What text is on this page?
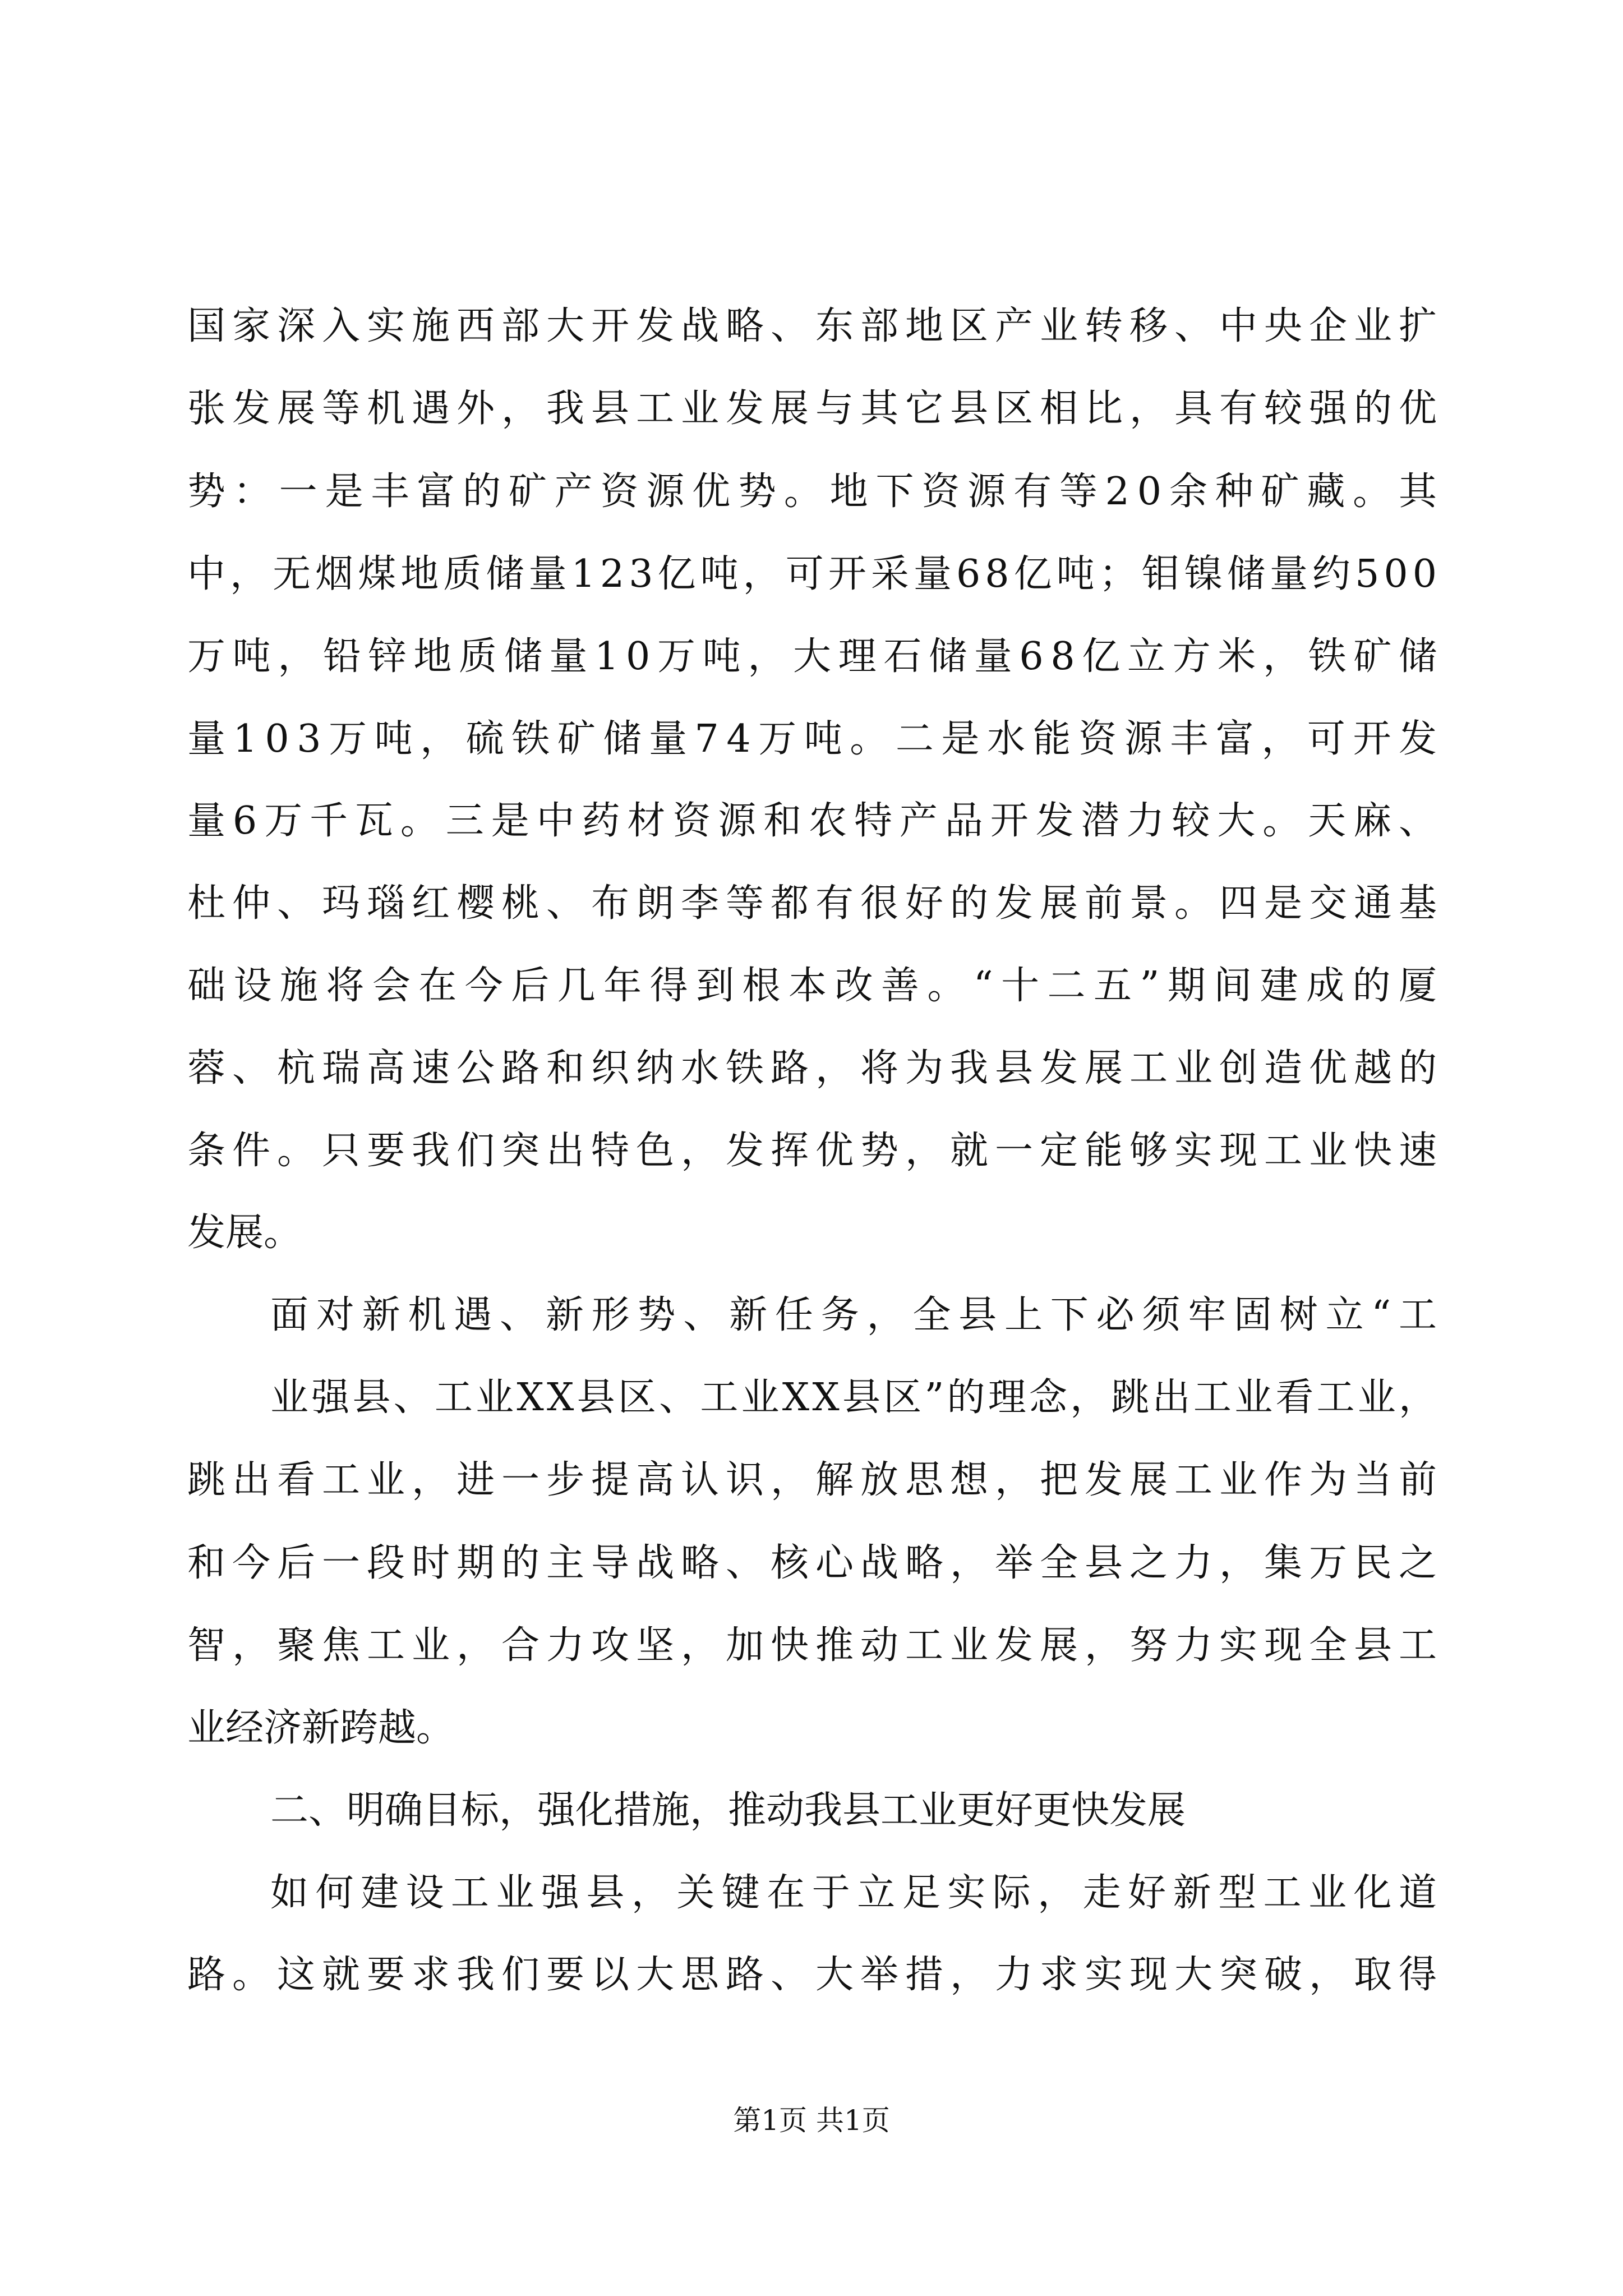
国家深入实施西部大开发战略、东部地区产业转移、中央企业扩
张发展等机遇外，我县工业发展与其它县区相比，具有较强的优
势：一是丰富的矿产资源优势。地下资源有等20余种矿藏。其
中，无烟煤地质储量123亿吨，可开采量68亿吨；钼镍储量约500
万吨，铅锌地质储量10万吨，大理石储量68亿立方米，铁矿储
量103万吨，硫铁矿储量74万吨。二是水能资源丰富，可开发
量6万千瓦。三是中药材资源和农特产品开发潜力较大。天麻、
杜仲、玛瑙红樱桃、布朗李等都有很好的发展前景。四是交通基
础设施将会在今后几年得到根本改善。“十二五”期间建成的厦
蓉、杭瑞高速公路和织纳水铁路，将为我县发展工业创造优越的
条件。只要我们突出特色，发挥优势，就一定能够实现工业快速
发展。
面对新机遇、新形势、新任务，全县上下必须牢固树立“工
业强县、工业XX县区、工业XX县区”的理念，跳出工业看工业，
跳出看工业，进一步提高认识，解放思想，把发展工业作为当前
和今后一段时期的主导战略、核心战略，举全县之力，集万民之
智，聚焦工业，合力攻坚，加快推动工业发展，努力实现全县工
业经济新跨越。
二、明确目标，强化措施，推动我县工业更好更快发展
如何建设工业强县，关键在于立足实际，走好新型工业化道
路。这就要求我们要以大思路、大举措，力求实现大突破，取得
第1页 共1页
